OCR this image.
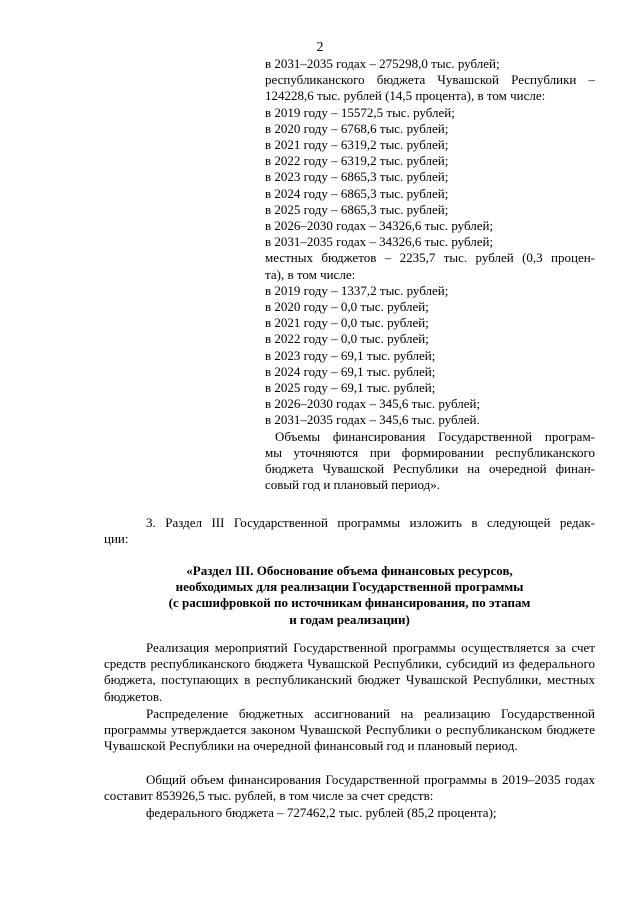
2
в 2031–2035 годах – 275298,0 тыс. рублей;
республиканского бюджета Чувашской Республики –
124228,6 тыс. рублей (14,5 процента), в том числе:
в 2019 году – 15572,5 тыс. рублей;
в 2020 году – 6768,6 тыс. рублей;
в 2021 году – 6319,2 тыс. рублей;
в 2022 году – 6319,2 тыс. рублей;
в 2023 году – 6865,3 тыс. рублей;
в 2024 году – 6865,3 тыс. рублей;
в 2025 году – 6865,3 тыс. рублей;
в 2026–2030 годах – 34326,6 тыс. рублей;
в 2031–2035 годах – 34326,6 тыс. рублей;
местных бюджетов – 2235,7 тыс. рублей (0,3 процен-
та), в том числе:
в 2019 году – 1337,2 тыс. рублей;
в 2020 году – 0,0 тыс. рублей;
в 2021 году – 0,0 тыс. рублей;
в 2022 году – 0,0 тыс. рублей;
в 2023 году – 69,1 тыс. рублей;
в 2024 году – 69,1 тыс. рублей;
в 2025 году – 69,1 тыс. рублей;
в 2026–2030 годах – 345,6 тыс. рублей;
в 2031–2035 годах – 345,6 тыс. рублей.
Объемы финансирования Государственной програм-
мы уточняются при формировании республиканского
бюджета Чувашской Республики на очередной финан-
совый год и плановый период».
3. Раздел III Государственной программы изложить в следующей редак-
ции:
«Раздел III. Обоснование объема финансовых ресурсов,
необходимых для реализации Государственной программы
(с расшифровкой по источникам финансирования, по этапам
и годам реализации)
Реализация мероприятий Государственной программы осуществляется за счет средств республиканского бюджета Чувашской Республики, субсидий из федерального бюджета, поступающих в республиканский бюджет Чувашской Республики, местных бюджетов.
Распределение бюджетных ассигнований на реализацию Государственной программы утверждается законом Чувашской Республики о республиканском бюджете Чувашской Республики на очередной финансовый год и плановый период.
Общий объем финансирования Государственной программы в 2019–2035 годах составит 853926,5 тыс. рублей, в том числе за счет средств:
федерального бюджета – 727462,2 тыс. рублей (85,2 процента);
